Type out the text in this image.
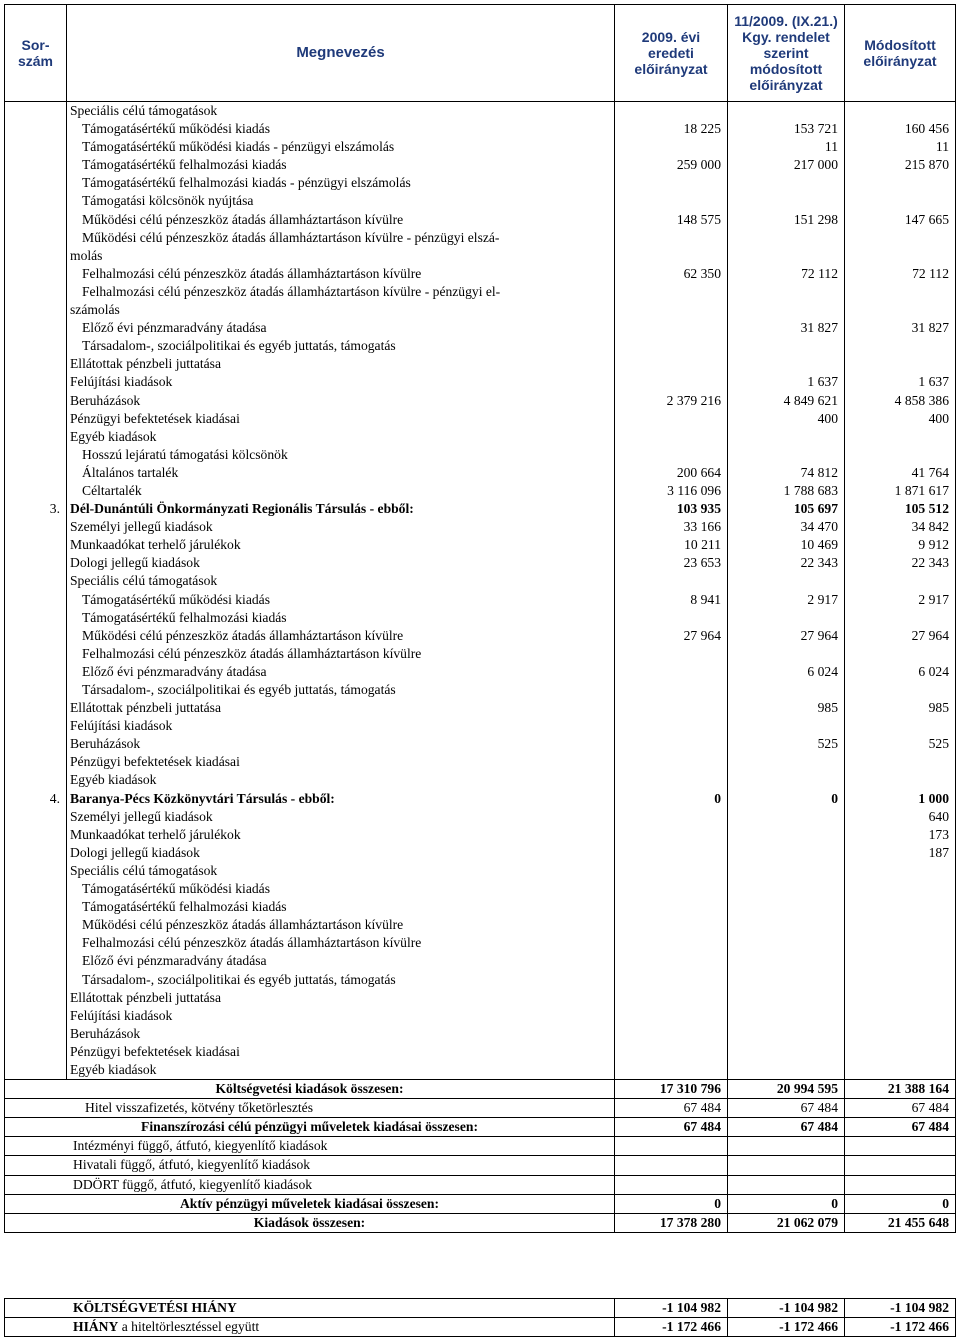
Sor-szám	Megnevezés	2009. évi eredeti előirányzat	11/2009. (IX.21.) Kgy. rendelet szerint módosított előirányzat	Módosított előirányzat
	Speciális célú támogatások			
	Támogatásértékű működési kiadás	18 225	153 721	160 456
	Támogatásértékű működési kiadás - pénzügyi elszámolás		11	11
	Támogatásértékű felhalmozási kiadás	259 000	217 000	215 870
	Támogatásértékű felhalmozási kiadás - pénzügyi elszámolás			
	Támogatási kölcsönök nyújtása			
	Működési célú pénzeszköz átadás államháztartáson kívülre	148 575	151 298	147 665
	Működési célú pénzeszköz átadás államháztartáson kívülre - pénzügyi elszá-			
	molás			
	Felhalmozási célú pénzeszköz átadás államháztartáson kívülre	62 350	72 112	72 112
	Felhalmozási célú pénzeszköz átadás államháztartáson kívülre - pénzügyi el-			
	számolás			
	Előző évi pénzmaradvány átadása		31 827	31 827
	Társadalom-, szociálpolitikai és egyéb juttatás, támogatás			
	Ellátottak pénzbeli juttatása			
	Felújítási kiadások		1 637	1 637
	Beruházások	2 379 216	4 849 621	4 858 386
	Pénzügyi befektetések kiadásai		400	400
	Egyéb kiadások			
	Hosszú lejáratú támogatási kölcsönök			
	Általános tartalék	200 664	74 812	41 764
	Céltartalék	3 116 096	1 788 683	1 871 617
3.	Dél-Dunántúli Önkormányzati Regionális Társulás - ebből:	103 935	105 697	105 512
	Személyi jellegű kiadások	33 166	34 470	34 842
	Munkaadókat terhelő járulékok	10 211	10 469	9 912
	Dologi jellegű kiadások	23 653	22 343	22 343
	Speciális célú támogatások			
	Támogatásértékű működési kiadás	8 941	2 917	2 917
	Támogatásértékű felhalmozási kiadás			
	Működési célú pénzeszköz átadás államháztartáson kívülre	27 964	27 964	27 964
	Felhalmozási célú pénzeszköz átadás államháztartáson kívülre			
	Előző évi pénzmaradvány átadása		6 024	6 024
	Társadalom-, szociálpolitikai és egyéb juttatás, támogatás			
	Ellátottak pénzbeli juttatása		985	985
	Felújítási kiadások			
	Beruházások		525	525
	Pénzügyi befektetések kiadásai			
	Egyéb kiadások			
4.	Baranya-Pécs Közkönyvtári Társulás - ebből:	0	0	1 000
	Személyi jellegű kiadások			640
	Munkaadókat terhelő járulékok			173
	Dologi jellegű kiadások			187
	Speciális célú támogatások			
	Támogatásértékű működési kiadás			
	Támogatásértékű felhalmozási kiadás			
	Működési célú pénzeszköz átadás államháztartáson kívülre			
	Felhalmozási célú pénzeszköz átadás államháztartáson kívülre			
	Előző évi pénzmaradvány átadása			
	Társadalom-, szociálpolitikai és egyéb juttatás, támogatás			
	Ellátottak pénzbeli juttatása			
	Felújítási kiadások			
	Beruházások			
	Pénzügyi befektetések kiadásai			
	Egyéb kiadások			
Költségvetési kiadások összesen:		17 310 796	20 994 595	21 388 164
Hitel visszafizetés, kötvény tőketörlesztés		67 484	67 484	67 484
Finanszírozási célú pénzügyi műveletek kiadásai összesen:		67 484	67 484	67 484
Intézményi függő, átfutó, kiegyenlítő kiadások				
Hivatali függő, átfutó, kiegyenlítő kiadások				
DDÖRT függő, átfutó, kiegyenlítő kiadások				
Aktív pénzügyi műveletek kiadásai összesen:		0	0	0
Kiadások összesen:		17 378 280	21 062 079	21 455 648
KÖLTSÉGVETÉSI HIÁNY	-1 104 982	-1 104 982	-1 104 982
HIÁNY a hiteltörlesztéssel együtt	-1 172 466	-1 172 466	-1 172 466
